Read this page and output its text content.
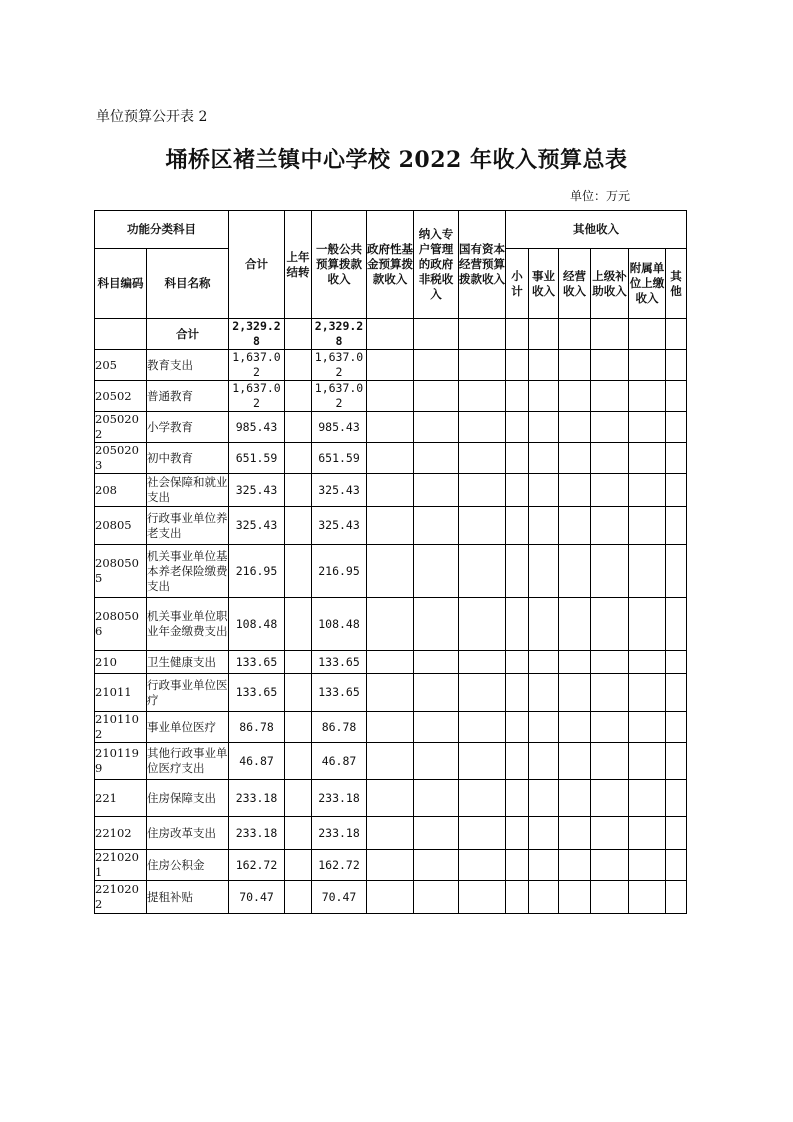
单位预算公开表 2
埇桥区褚兰镇中心学校 2022 年收入预算总表
单位：万元
功能分类科目		合计	上年结转	一般公共预算拨款收入	政府性基金预算拨款收入	纳入专户管理的政府非税收入	国有资本经营预算拨款收入	其他收入					
科目编码	科目名称							小计	事业收入	经营收入	上级补助收入	附属单位上缴收入	其他
	合计	2,329.28		2,329.28									
205	教育支出	1,637.02		1,637.02									
20502	普通教育	1,637.02		1,637.02									
2050202	小学教育	985.43		985.43									
2050203	初中教育	651.59		651.59									
208	社会保障和就业支出	325.43		325.43									
20805	行政事业单位养老支出	325.43		325.43									
2080505	机关事业单位基本养老保险缴费支出	216.95		216.95									
2080506	机关事业单位职业年金缴费支出	108.48		108.48									
210	卫生健康支出	133.65		133.65									
21011	行政事业单位医疗	133.65		133.65									
2101102	事业单位医疗	86.78		86.78									
2101199	其他行政事业单位医疗支出	46.87		46.87									
221	住房保障支出	233.18		233.18									
22102	住房改革支出	233.18		233.18									
2210201	住房公积金	162.72		162.72									
2210202	提租补贴	70.47		70.47									
